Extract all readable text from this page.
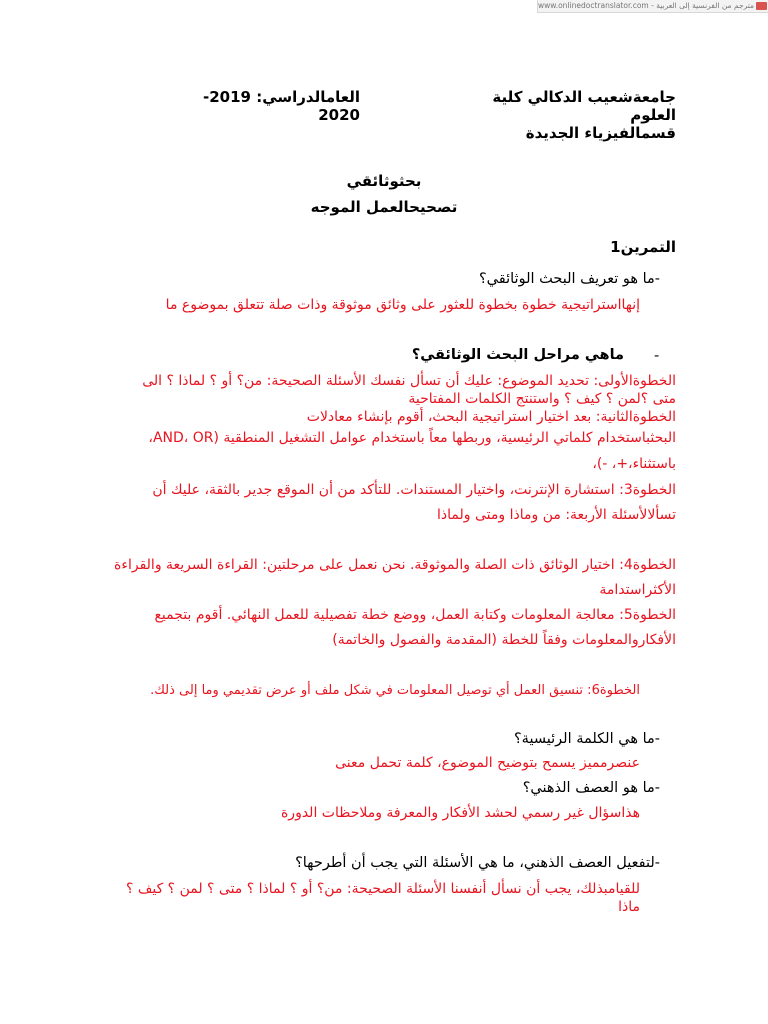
www.onlinedoctranslator.com - مترجم من الفرنسية إلى العربية
جامعةشعيب الدكالي كلية
العلوم
قسمالفيزياء الجديدة
العامالدراسي: 2019-2020
بحثوثائقي
تصحيحالعمل الموجه
التمرين1
-ما هو تعريف البحث الوثائقي؟
إنهااستراتيجية خطوة بخطوة للعثور على وثائق موثوقة وذات صلة تتعلق بموضوع ما
-
ماهي مراحل البحث الوثائقي؟
الخطوةالأولى: تحديد الموضوع: عليك أن تسأل نفسك الأسئلة الصحيحة: من؟ أو ؟ لماذا ؟ الى
متى ؟لمن ؟ كيف ؟ واستنتج الكلمات المفتاحية
الخطوةالثانية: بعد اختيار استراتيجية البحث، أقوم بإنشاء معادلات
البحثباستخدام كلماتي الرئيسية، وربطها معاً باستخدام عوامل التشغيل المنطقية (AND، OR،
باستثناء،+، -)،
الخطوة3: استشارة الإنترنت، واختيار المستندات. للتأكد من أن الموقع جدير بالثقة، عليك أن
تسألالأسئلة الأربعة: من وماذا ومتى ولماذا
الخطوة4: اختيار الوثائق ذات الصلة والموثوقة. نحن نعمل على مرحلتين: القراءة السريعة والقراءة
الأكثراستدامة
الخطوة5: معالجة المعلومات وكتابة العمل، ووضع خطة تفصيلية للعمل النهائي. أقوم بتجميع
الأفكاروالمعلومات وفقاً للخطة (المقدمة والفصول والخاتمة)
الخطوة6: تنسيق العمل أي توصيل المعلومات في شكل ملف أو عرض تقديمي وما إلى ذلك.
-ما هي الكلمة الرئيسية؟
عنصرمميز يسمح بتوضيح الموضوع، كلمة تحمل معنى
-ما هو العصف الذهني؟
هذاسؤال غير رسمي لحشد الأفكار والمعرفة وملاحظات الدورة
-لتفعيل العصف الذهني، ما هي الأسئلة التي يجب أن أطرحها؟
للقيامبذلك، يجب أن نسأل أنفسنا الأسئلة الصحيحة: من؟ أو ؟ لماذا ؟ متى ؟ لمن ؟ كيف ؟
ماذا
